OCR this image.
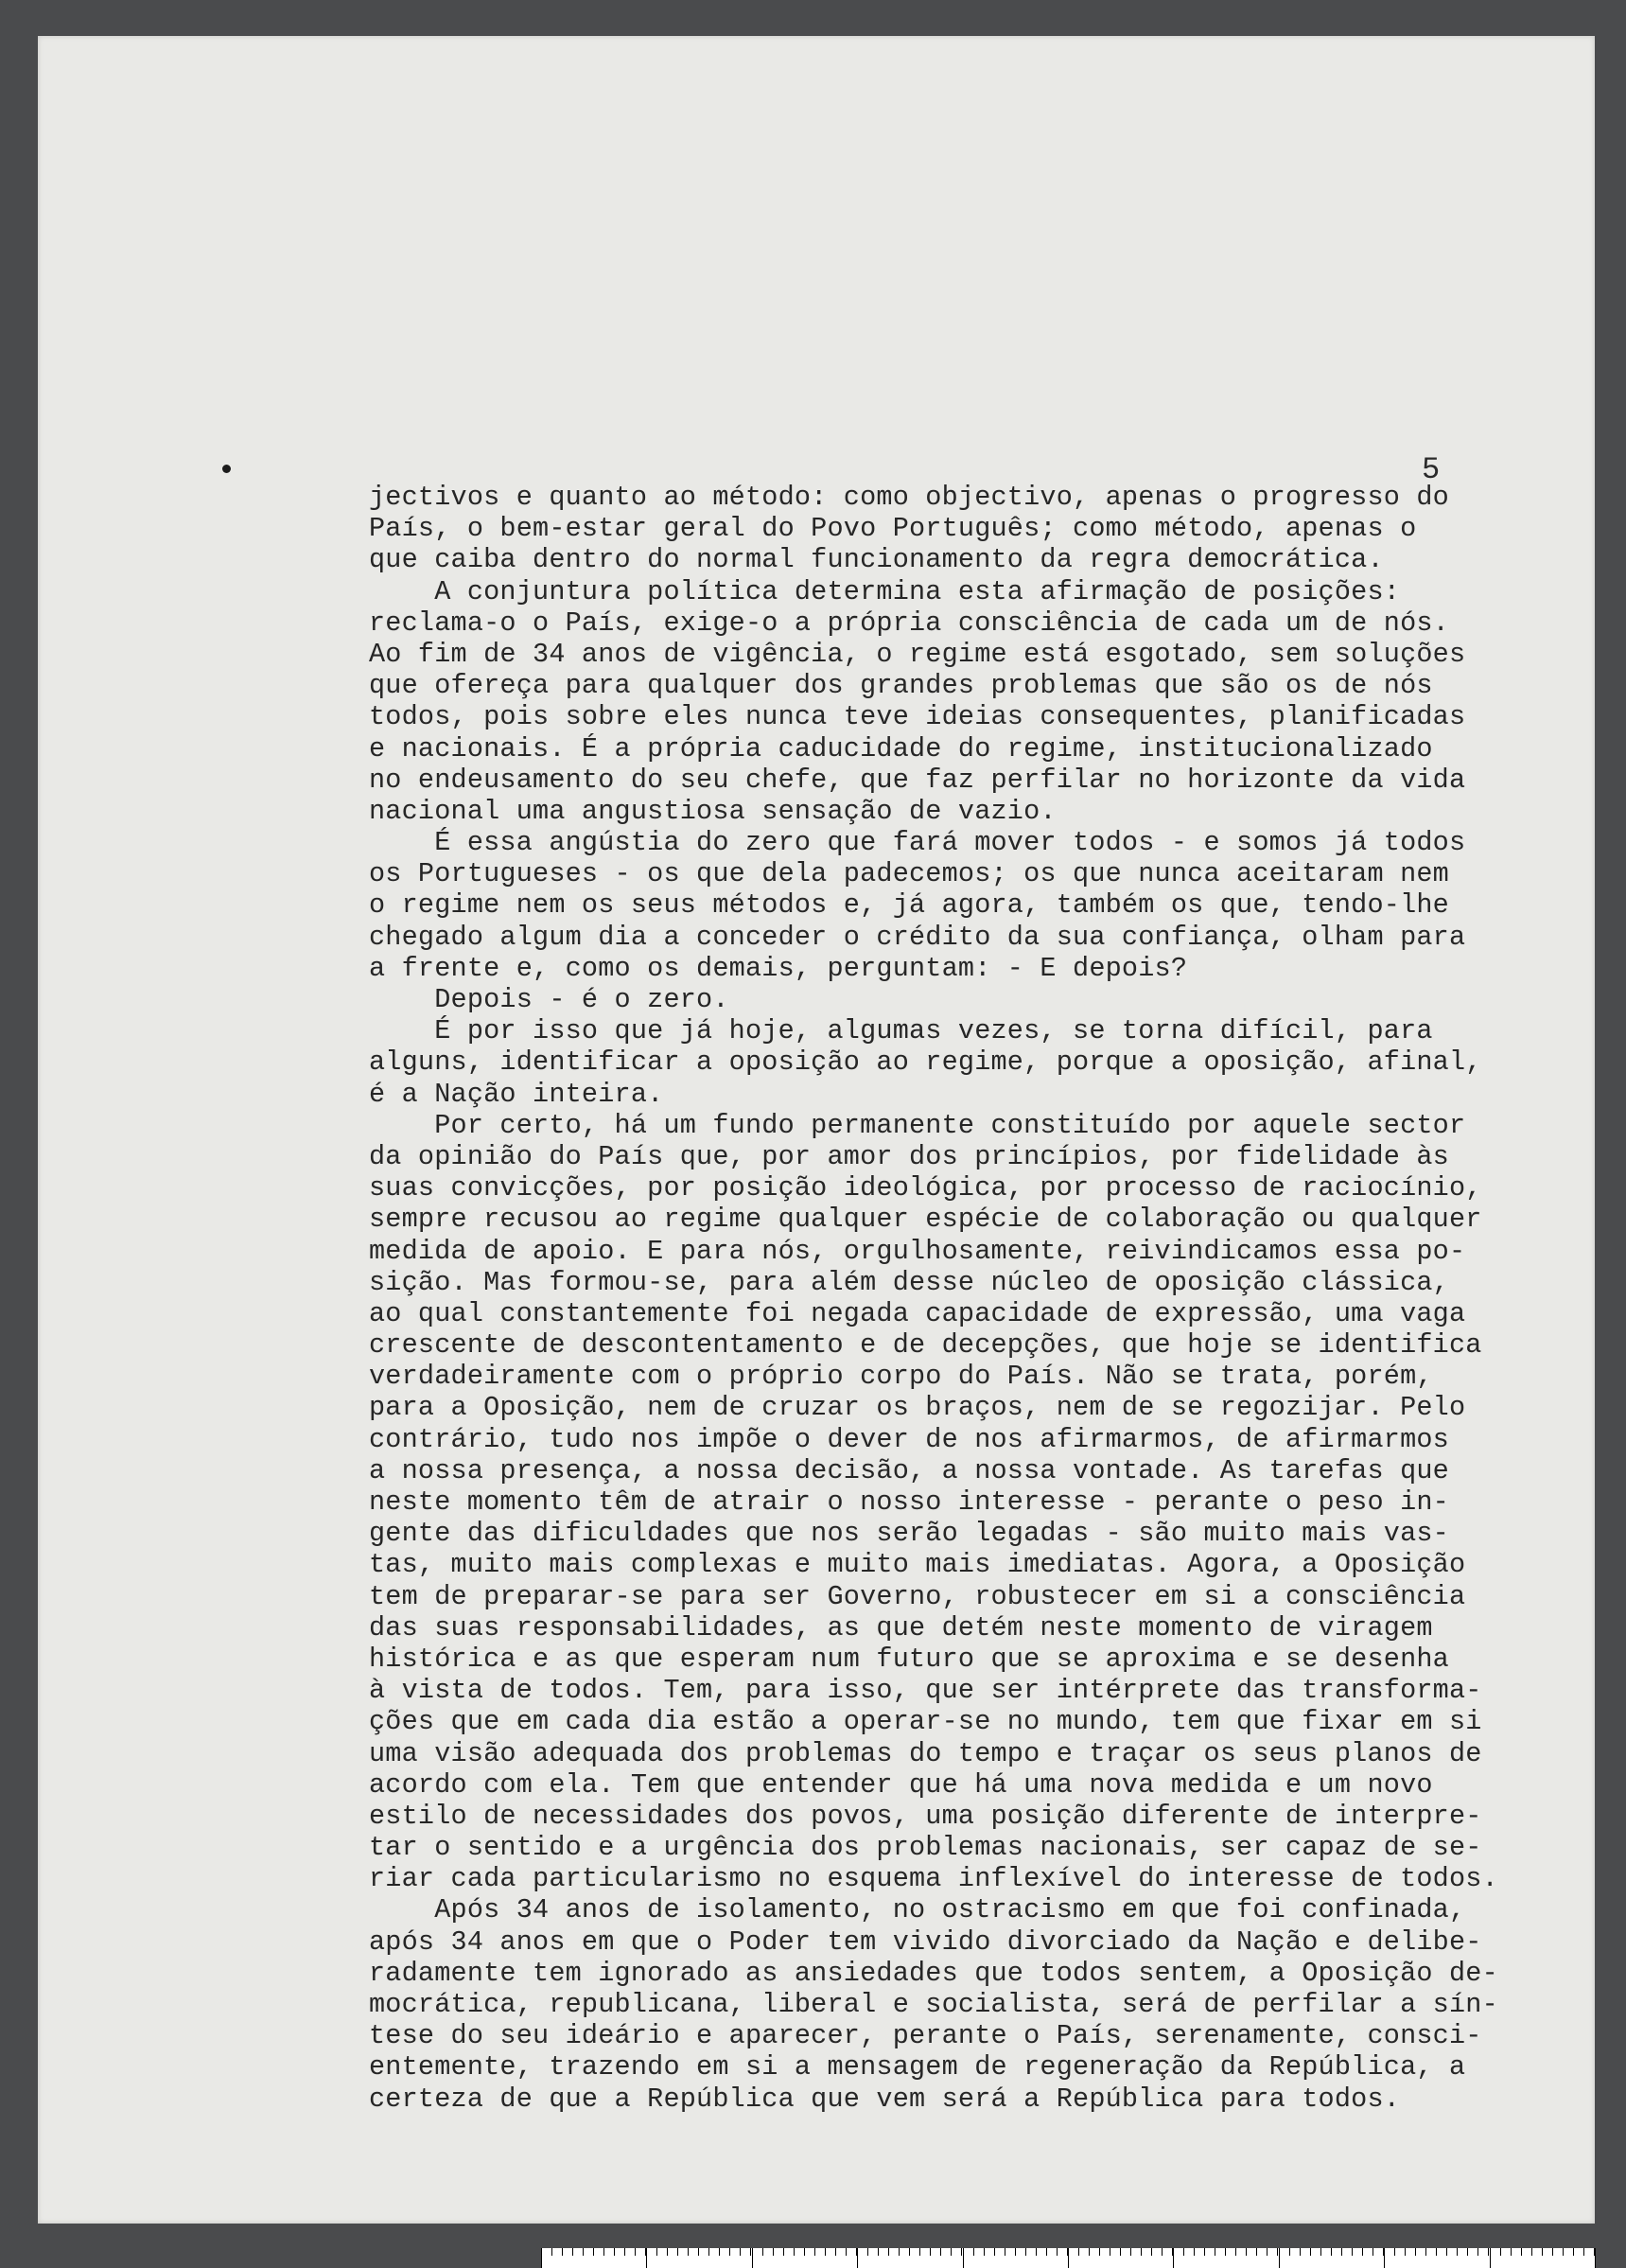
5
jectivos e quanto ao método: como objectivo, apenas o progresso do
País, o bem-estar geral do Povo Português; como método, apenas o
que caiba dentro do normal funcionamento da regra democrática.
A conjuntura política determina esta afirmação de posições:
reclama-o o País, exige-o a própria consciência de cada um de nós.
Ao fim de 34 anos de vigência, o regime está esgotado, sem soluções
que ofereça para qualquer dos grandes problemas que são os de nós
todos, pois sobre eles nunca teve ideias consequentes, planificadas
e nacionais. É a própria caducidade do regime, institucionalizado
no endeusamento do seu chefe, que faz perfilar no horizonte da vida
nacional uma angustiosa sensação de vazio.
É essa angústia do zero que fará mover todos - e somos já todos
os Portugueses - os que dela padecemos; os que nunca aceitaram nem
o regime nem os seus métodos e, já agora, também os que, tendo-lhe
chegado algum dia a conceder o crédito da sua confiança, olham para
a frente e, como os demais, perguntam: - E depois?
Depois - é o zero.
É por isso que já hoje, algumas vezes, se torna difícil, para
alguns, identificar a oposição ao regime, porque a oposição, afinal,
é a Nação inteira.
Por certo, há um fundo permanente constituído por aquele sector
da opinião do País que, por amor dos princípios, por fidelidade às
suas convicções, por posição ideológica, por processo de raciocínio,
sempre recusou ao regime qualquer espécie de colaboração ou qualquer
medida de apoio. E para nós, orgulhosamente, reivindicamos essa po-
sição. Mas formou-se, para além desse núcleo de oposição clássica,
ao qual constantemente foi negada capacidade de expressão, uma vaga
crescente de descontentamento e de decepções, que hoje se identifica
verdadeiramente com o próprio corpo do País. Não se trata, porém,
para a Oposição, nem de cruzar os braços, nem de se regozijar. Pelo
contrário, tudo nos impõe o dever de nos afirmarmos, de afirmarmos
a nossa presença, a nossa decisão, a nossa vontade. As tarefas que
neste momento têm de atrair o nosso interesse - perante o peso in-
gente das dificuldades que nos serão legadas - são muito mais vas-
tas, muito mais complexas e muito mais imediatas. Agora, a Oposição
tem de preparar-se para ser Governo, robustecer em si a consciência
das suas responsabilidades, as que detém neste momento de viragem
histórica e as que esperam num futuro que se aproxima e se desenha
à vista de todos. Tem, para isso, que ser intérprete das transforma-
ções que em cada dia estão a operar-se no mundo, tem que fixar em si
uma visão adequada dos problemas do tempo e traçar os seus planos de
acordo com ela. Tem que entender que há uma nova medida e um novo
estilo de necessidades dos povos, uma posição diferente de interpre-
tar o sentido e a urgência dos problemas nacionais, ser capaz de se-
riar cada particularismo no esquema inflexível do interesse de todos.
Após 34 anos de isolamento, no ostracismo em que foi confinada,
após 34 anos em que o Poder tem vivido divorciado da Nação e delibe-
radamente tem ignorado as ansiedades que todos sentem, a Oposição de-
mocrática, republicana, liberal e socialista, será de perfilar a sín-
tese do seu ideário e aparecer, perante o País, serenamente, consci-
entemente, trazendo em si a mensagem de regeneração da República, a
certeza de que a República que vem será a República para todos.
